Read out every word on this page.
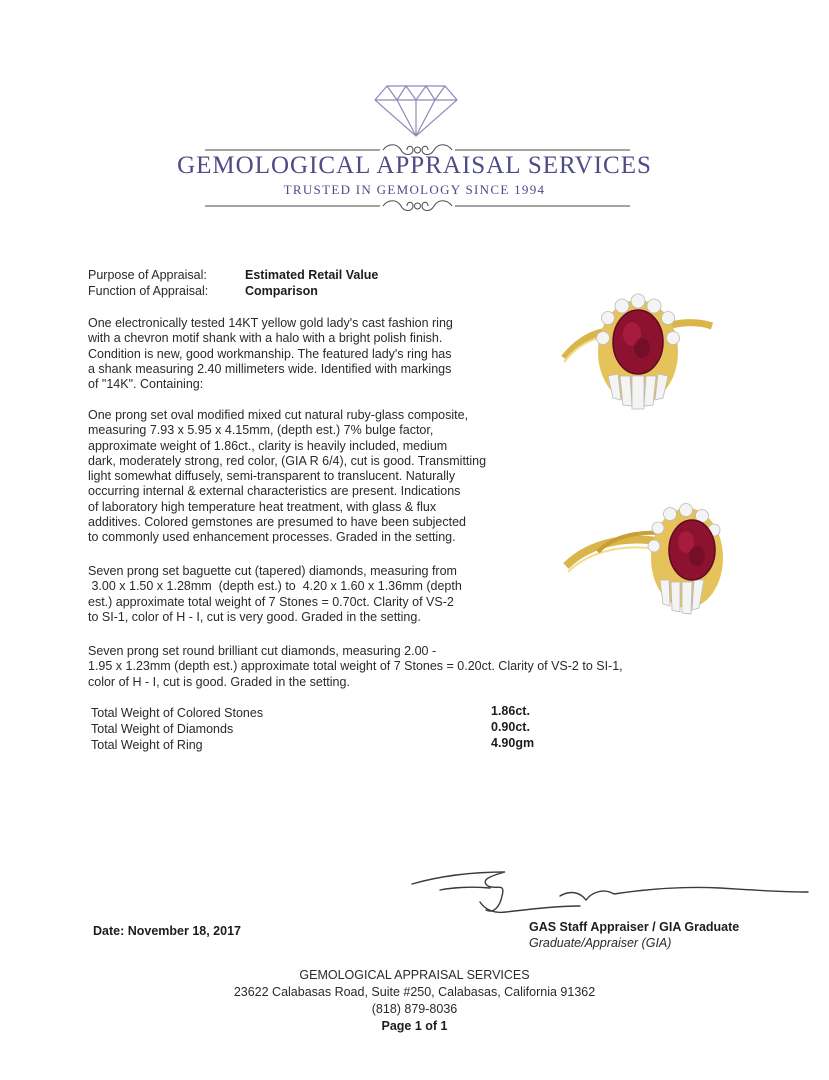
GEMOLOGICAL APPRAISAL SERVICES
TRUSTED IN GEMOLOGY SINCE 1994
Purpose of Appraisal:	Estimated Retail Value
Function of Appraisal:	Comparison
One electronically tested 14KT yellow gold lady's cast fashion ring
with a chevron motif shank with a halo with a bright polish finish.
Condition is new, good workmanship. The featured lady's ring has
a shank measuring 2.40 millimeters wide. Identified with markings
of "14K". Containing:
One prong set oval modified mixed cut natural ruby-glass composite,
measuring 7.93 x 5.95 x 4.15mm, (depth est.) 7% bulge factor,
approximate weight of 1.86ct., clarity is heavily included, medium
dark, moderately strong, red color, (GIA R 6/4), cut is good. Transmitting
light somewhat diffusely, semi-transparent to translucent. Naturally
occurring internal & external characteristics are present. Indications
of laboratory high temperature heat treatment, with glass & flux
additives. Colored gemstones are presumed to have been subjected
to commonly used enhancement processes. Graded in the setting.
Seven prong set baguette cut (tapered) diamonds, measuring from
3.00 x 1.50 x 1.28mm  (depth est.) to  4.20 x 1.60 x 1.36mm (depth
est.) approximate total weight of 7 Stones = 0.70ct. Clarity of VS-2
to SI-1, color of H - I, cut is very good. Graded in the setting.
Seven prong set round brilliant cut diamonds, measuring 2.00 -
1.95 x 1.23mm (depth est.) approximate total weight of 7 Stones = 0.20ct. Clarity of VS-2 to SI-1,
color of H - I, cut is good. Graded in the setting.
Total Weight of Colored Stones	1.86ct.
Total Weight of Diamonds	0.90ct.
Total Weight of Ring	4.90gm
Date: November 18, 2017	GAS Staff Appraiser / GIA Graduate
Graduate/Appraiser (GIA)
GEMOLOGICAL APPRAISAL SERVICES
23622 Calabasas Road, Suite #250, Calabasas, California 91362
(818) 879-8036
Page 1 of 1
